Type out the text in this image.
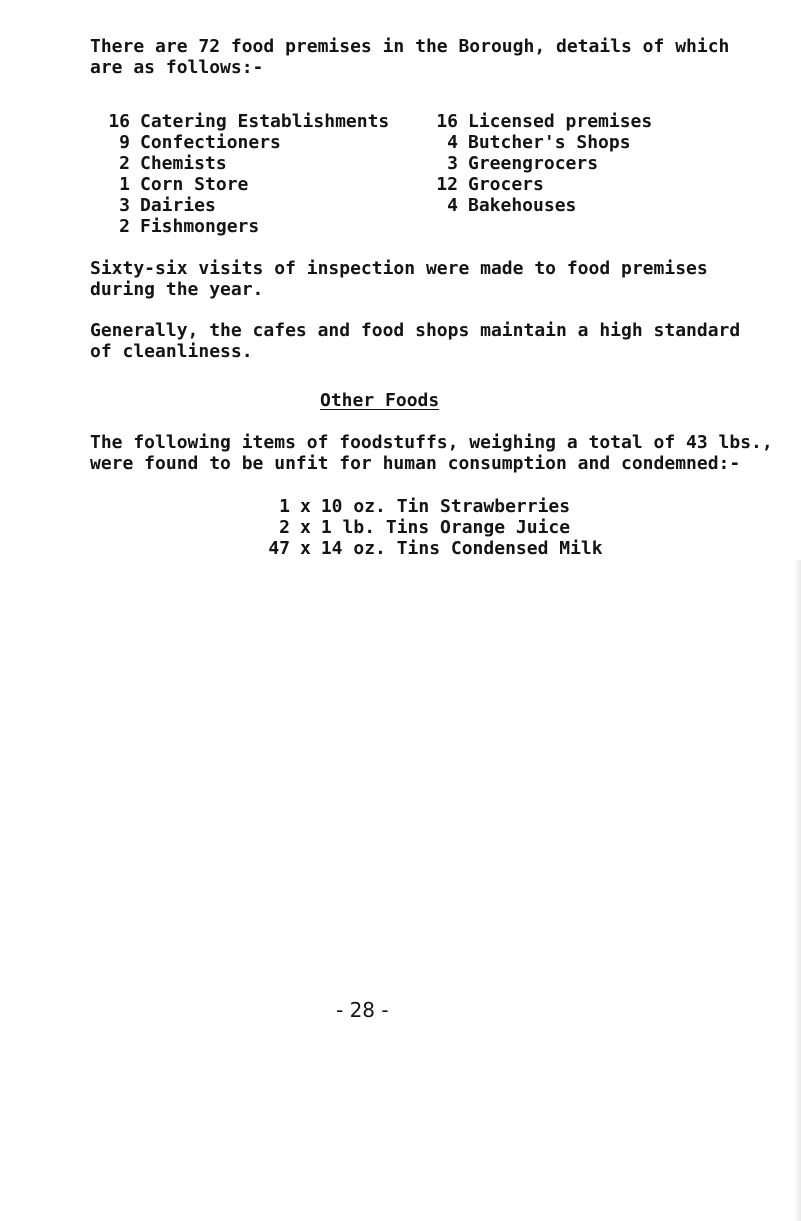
There are 72 food premises in the Borough, details of which
are as follows:-
16 Catering Establishments
9 Confectioners
2 Chemists
1 Corn Store
3 Dairies
2 Fishmongers
16 Licensed premises
4 Butcher's Shops
3 Greengrocers
12 Grocers
4 Bakehouses
Sixty-six visits of inspection were made to food premises
during the year.
Generally, the cafes and food shops maintain a high standard
of cleanliness.
Other Foods
The following items of foodstuffs, weighing a total of 43 lbs.,
were found to be unfit for human consumption and condemned:-
1 x 10 oz. Tin Strawberries
2 x 1 lb. Tins Orange Juice
47 x 14 oz. Tins Condensed Milk
- 28 -
